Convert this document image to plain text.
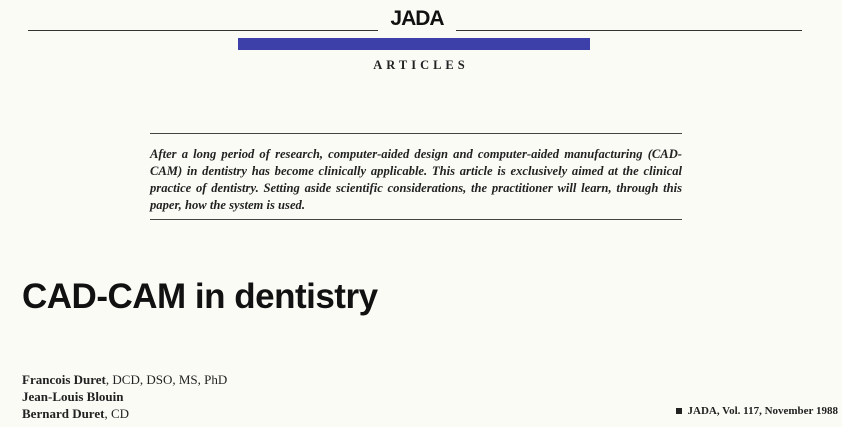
JADA
ARTICLES
After a long period of research, computer-aided design and computer-aided manufacturing (CAD-CAM) in dentistry has become clinically applicable. This article is exclusively aimed at the clinical practice of dentistry. Setting aside scientific considerations, the practitioner will learn, through this paper, how the system is used.
CAD-CAM in dentistry
Francois Duret, DCD, DSO, MS, PhD
Jean-Louis Blouin
Bernard Duret, CD	JADA, Vol. 117, November 1988
